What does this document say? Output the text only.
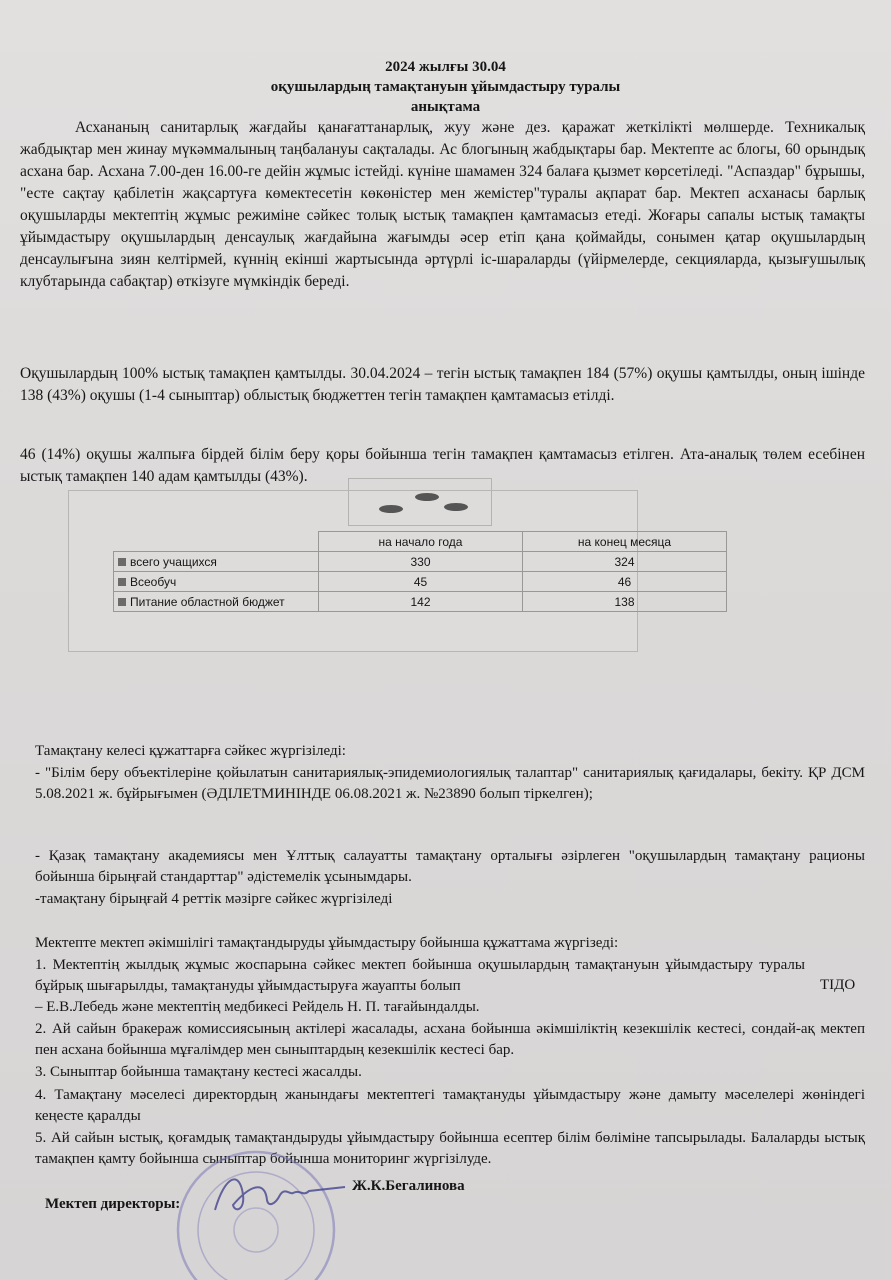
2024 жылғы 30.04
оқушылардың тамақтануын ұйымдастыру туралы
анықтама
Асхананың санитарлық жағдайы қанағаттанарлық, жуу және дез. қаражат жеткілікті мөлшерде. Техникалық жабдықтар мен жинау мүкәммалының таңбалануы сақталады. Ас блогының жабдықтары бар. Мектепте ас блогы, 60 орындық асхана бар. Асхана 7.00-ден 16.00-ге дейін жұмыс істейді. күніне шамамен 324 балаға қызмет көрсетіледі. "Аспаздар" бұрышы, "есте сақтау қабілетін жақсартуға көмектесетін көкөністер мен жемістер"туралы ақпарат бар. Мектеп асханасы барлық оқушыларды мектептің жұмыс режиміне сәйкес толық ыстық тамақпен қамтамасыз етеді. Жоғары сапалы ыстық тамақты ұйымдастыру оқушылардың денсаулық жағдайына жағымды әсер етіп қана қоймайды, сонымен қатар оқушылардың денсаулығына зиян келтірмей, күннің екінші жартысында әртүрлі іс-шараларды (үйірмелерде, секцияларда, қызығушылық клубтарында сабақтар) өткізуге мүмкіндік береді.
Оқушылардың 100% ыстық тамақпен қамтылды. 30.04.2024 – тегін ыстық тамақпен 184 (57%) оқушы қамтылды, оның ішінде 138 (43%) оқушы (1-4 сыныптар) облыстық бюджеттен тегін тамақпен қамтамасыз етілді.
46 (14%) оқушы жалпыға бірдей білім беру қоры бойынша тегін тамақпен қамтамасыз етілген. Ата-аналық төлем есебінен ыстық тамақпен 140 адам қамтылды (43%).
	на начало года	на конец месяца
всего учащихся	330	324
Всеобуч	45	46
Питание областной бюджет	142	138
Тамақтану келесі құжаттарға сәйкес жүргізіледі:
- "Білім беру объектілеріне қойылатын санитариялық-эпидемиологиялық талаптар" санитариялық қағидалары, бекіту. ҚР ДСМ 5.08.2021 ж. бұйрығымен (ӘДІЛЕТМИНІНДЕ 06.08.2021 ж. №23890 болып тіркелген);
- Қазақ тамақтану академиясы мен Ұлттық салауатты тамақтану орталығы әзірлеген "оқушылардың тамақтану рационы бойынша бірыңғай стандарттар" әдістемелік ұсынымдары.
-тамақтану бірыңғай 4 реттік мәзірге сәйкес жүргізіледі
Мектепте мектеп әкімшілігі тамақтандыруды ұйымдастыру бойынша құжаттама жүргізеді:
1. Мектептің жылдық жұмыс жоспарына сәйкес мектеп бойынша оқушылардың тамақтануын ұйымдастыру туралы бұйрық шығарылды, тамақтануды ұйымдастыруға жауапты болып	ТІДО
– Е.В.Лебедь және мектептің медбикесі Рейдель Н. П. тағайындалды.
2. Ай сайын бракераж комиссиясының актілері жасалады, асхана бойынша әкімшіліктің кезекшілік кестесі, сондай-ақ мектеп пен асхана бойынша мұғалімдер мен сыныптардың кезекшілік кестесі бар.
3. Сыныптар бойынша тамақтану кестесі жасалды.
4. Тамақтану мәселесі директордың жанындағы мектептегі тамақтануды ұйымдастыру және дамыту мәселелері жөніндегі кеңесте қаралды
5. Ай сайын ыстық, қоғамдық тамақтандыруды ұйымдастыру бойынша есептер білім бөліміне тапсырылады. Балаларды ыстық тамақпен қамту бойынша сыныптар бойынша мониторинг жүргізілуде.
Мектеп директоры:
Ж.К.Бегалинова
